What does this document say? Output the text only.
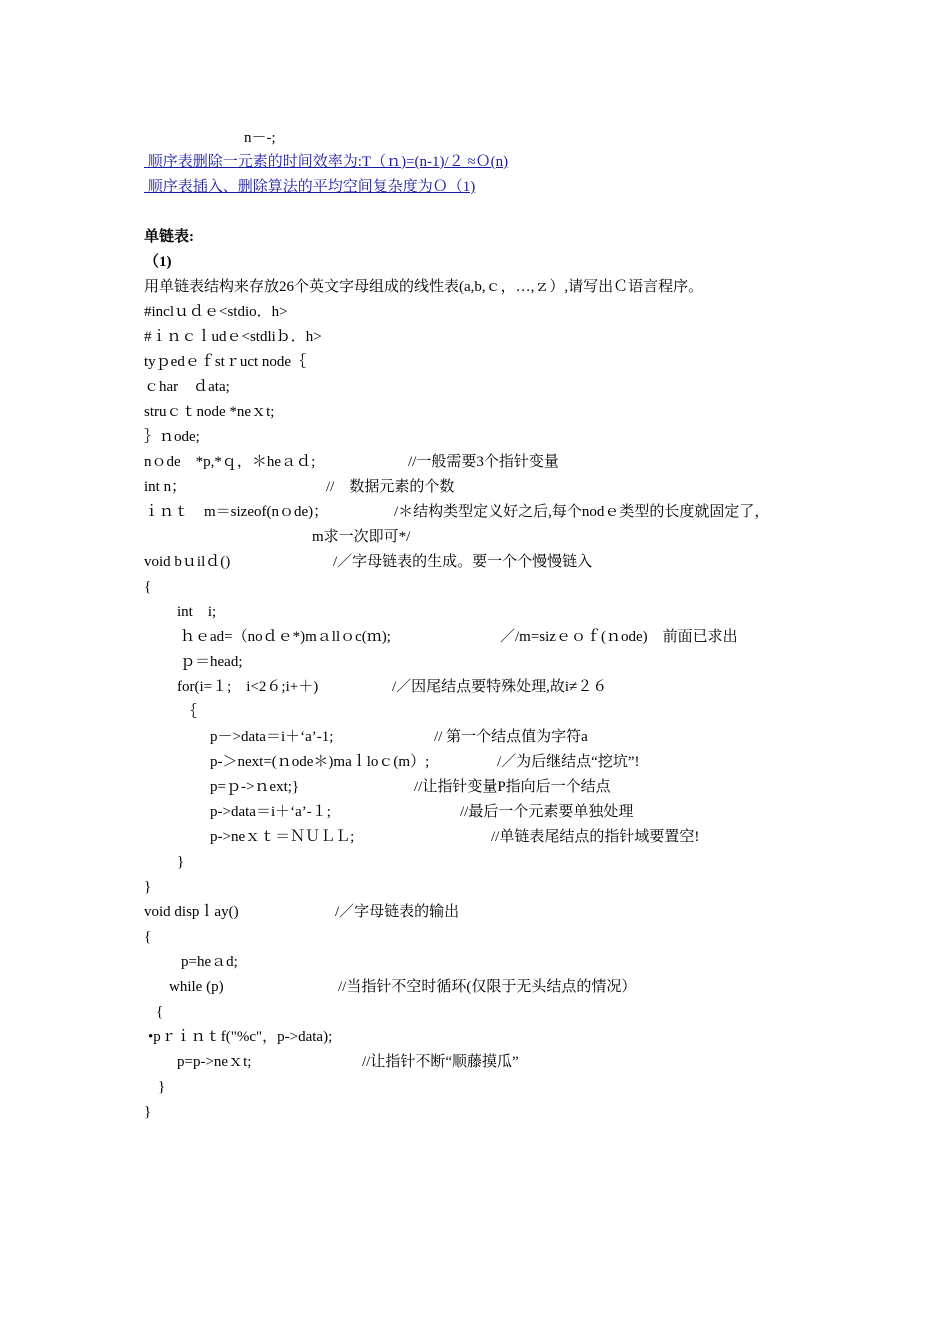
n－-;
顺序表删除一元素的时间效率为:T（ｎ)=(n-1)/２ ≈Ｏ(n)
顺序表插入、删除算法的平均空间复杂度为Ｏ（1)
单链表:
（1)
用单链表结构来存放26个英文字母组成的线性表(a,b,ｃ，…,ｚ）,请写出Ｃ语言程序。
#inclｕｄｅ<stdio．h>
#ｉｎｃｌudｅ<stdliｂ．h>
tyｐedｅｆstｒuct node｛
ｃhar　ｄata;
struｃｔnode *neｘt;
｝ｎode;
nｏde　*p,*ｑ，＊heａｄ;	//一般需要3个指针变量
int n；	//　数据元素的个数
ｉｎｔ　m＝sizeof(nｏde)；	/＊结构类型定义好之后,每个nodｅ类型的长度就固定了，
m求一次即可*/
void bｕilｄ()	/／字母链表的生成。要一个个慢慢链入
{
int　i;
ｈｅad=（noｄｅ*)mａllｏc(ｍ);	／/m=sizｅｏｆ(ｎode)　前面已求出
ｐ＝head;
for(i=１;　i<2６;i+＋)	/／因尾结点要特殊处理,故i≠２６
｛
p－>data＝i＋‘a’-1;	// 第一个结点值为字符a
p-＞next=(ｎode＊)maｌloｃ(m）;	/／为后继结点“挖坑”!
p=ｐ->ｎext;}	//让指针变量P指向后一个结点
p->data＝i＋‘a’-１;	//最后一个元素要单独处理
p->neｘｔ＝ＮＵＬＬ;	//单链表尾结点的指针域要置空!
}
}
void dispｌay()	/／字母链表的输出
{
p=heａd;
while (p)	//当指针不空时循环(仅限于无头结点的情况）
{
•pｒｉｎｔf("%c"，p->data);
p=p->neｘt;	//让指针不断“顺藤摸瓜”
}
}
